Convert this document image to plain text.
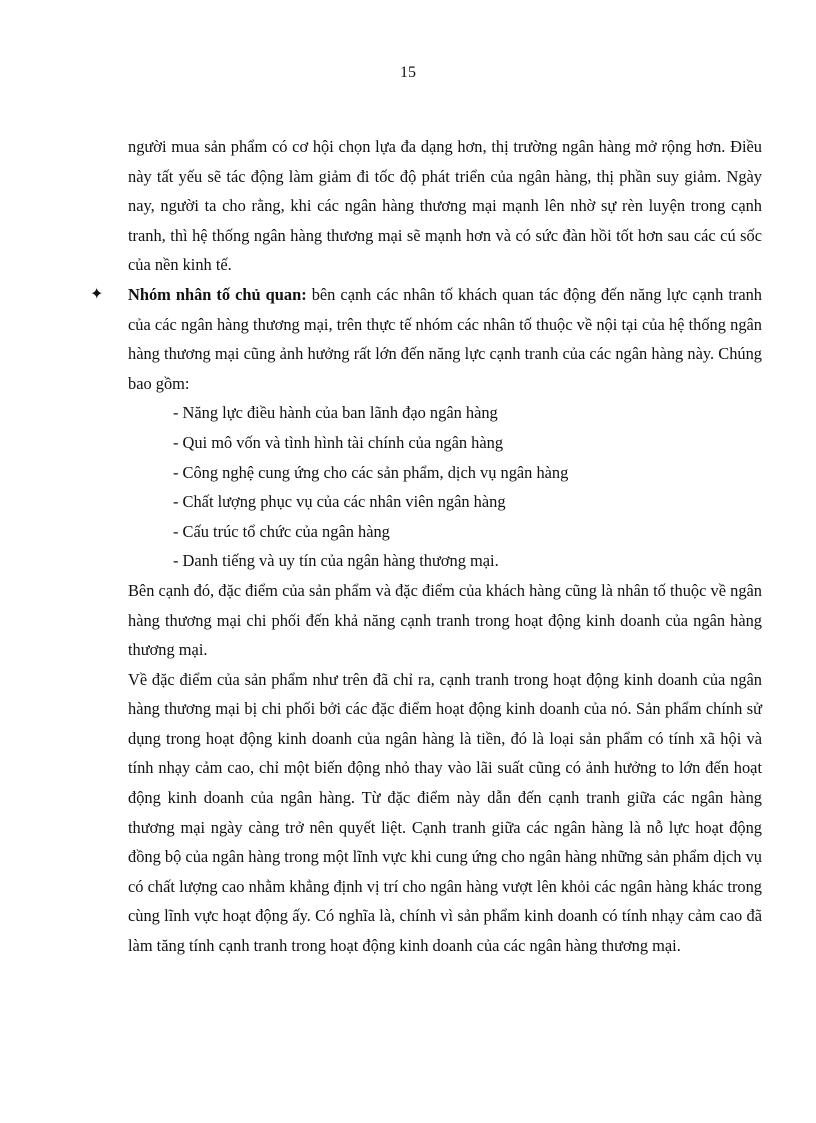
15

người mua sản phẩm có cơ hội chọn lựa đa dạng hơn, thị trường ngân hàng mở rộng hơn. Điều này tất yếu sẽ tác động làm giảm đi tốc độ phát triển của ngân hàng, thị phần suy giảm. Ngày nay, người ta cho rằng, khi các ngân hàng thương mại mạnh lên nhờ sự rèn luyện trong cạnh tranh, thì hệ thống ngân hàng thương mại sẽ mạnh hơn và có sức đàn hồi tốt hơn sau các cú sốc của nền kinh tế.

✦ Nhóm nhân tố chủ quan: bên cạnh các nhân tố khách quan tác động đến năng lực cạnh tranh của các ngân hàng thương mại, trên thực tế nhóm các nhân tố thuộc về nội tại của hệ thống ngân hàng thương mại cũng ảnh hưởng rất lớn đến năng lực cạnh tranh của các ngân hàng này. Chúng bao gồm:

- Năng lực điều hành của ban lãnh đạo ngân hàng
- Qui mô vốn và tình hình tài chính của ngân hàng
- Công nghệ cung ứng cho các sản phẩm, dịch vụ ngân hàng
- Chất lượng phục vụ của các nhân viên ngân hàng
- Cấu trúc tổ chức của ngân hàng
- Danh tiếng và uy tín của ngân hàng thương mại.

Bên cạnh đó, đặc điểm của sản phẩm và đặc điểm của khách hàng cũng là nhân tố thuộc về ngân hàng thương mại chi phối đến khả năng cạnh tranh trong hoạt động kinh doanh của ngân hàng thương mại.

Về đặc điểm của sản phẩm như trên đã chỉ ra, cạnh tranh trong hoạt động kinh doanh của ngân hàng thương mại bị chi phối bởi các đặc điểm hoạt động kinh doanh của nó. Sản phẩm chính sử dụng trong hoạt động kinh doanh của ngân hàng là tiền, đó là loại sản phẩm có tính xã hội và tính nhạy cảm cao, chỉ một biến động nhỏ thay vào lãi suất cũng có ảnh hưởng to lớn đến hoạt động kinh doanh của ngân hàng. Từ đặc điểm này dẫn đến cạnh tranh giữa các ngân hàng thương mại ngày càng trở nên quyết liệt. Cạnh tranh giữa các ngân hàng là nỗ lực hoạt động đồng bộ của ngân hàng trong một lĩnh vực khi cung ứng cho ngân hàng những sản phẩm dịch vụ có chất lượng cao nhằm khẳng định vị trí cho ngân hàng vượt lên khỏi các ngân hàng khác trong cùng lĩnh vực hoạt động ấy. Có nghĩa là, chính vì sản phẩm kinh doanh có tính nhạy cảm cao đã làm tăng tính cạnh tranh trong hoạt động kinh doanh của các ngân hàng thương mại.
